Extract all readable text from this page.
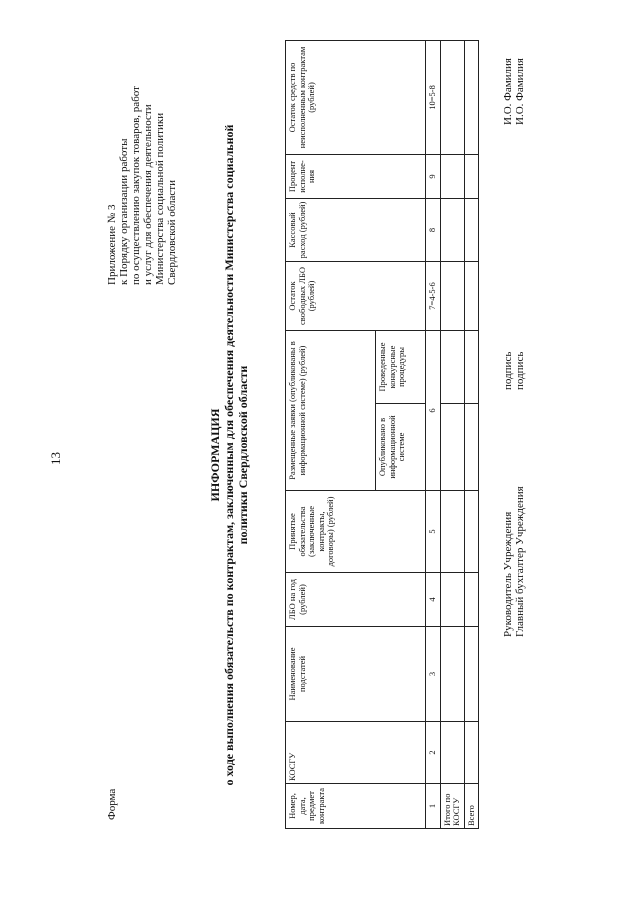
13
Форма
Приложение № 3 к Порядку организации работы по осуществлению закупок товаров, работ и услуг для обеспечения деятельности Министерства социальной политики Свердловской области
ИНФОРМАЦИЯ о ходе выполнения обязательств по контрактам, заключенным для обеспечения деятельности Министерства социальной политики Свердловской области
Номер, дата, предмет контракта	КОСГУ	Наименование подстатей	ЛБО на год (рублей)	Принятые обязательства (заключенные контракты, договоры) (рублей)	Размещенные заявки (опубликованы в информационной системе) (рублей)		Остаток свободных ЛБО (рублей)	Кассовый расход (рублей)	Процент исполне- ния	Остаток средств по неисполненным контрактам (рублей)
					Опубликовано в информационной системе	Проведенные конкурсные процедуры				
1	2	3	4	5	6		7=4-5-6	8	9	10=5-8
Итого по КОСГУ										
Всего										
Руководитель Учреждения Главный бухгалтер Учреждения
подпись подпись
И.О. Фамилия И.О. Фамилия
